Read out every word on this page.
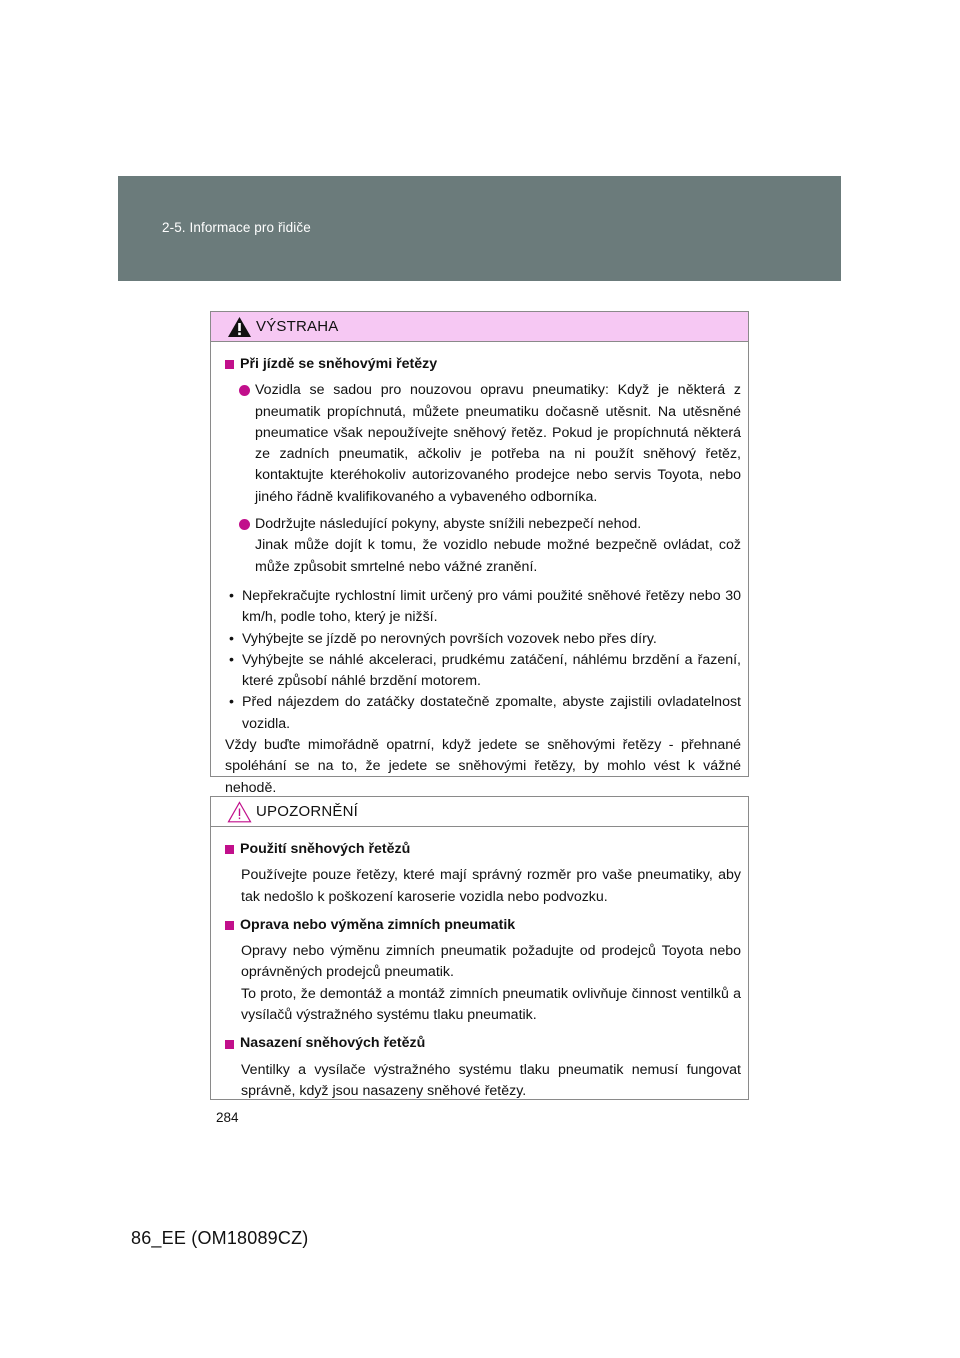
2-5. Informace pro řidiče
VÝSTRAHA
Při jízdě se sněhovými řetězy
Vozidla se sadou pro nouzovou opravu pneumatiky: Když je některá z pneumatik propíchnutá, můžete pneumatiku dočasně utěsnit. Na utěsněné pneumatice však nepoužívejte sněhový řetěz. Pokud je propíchnutá některá ze zadních pneumatik, ačkoliv je potřeba na ni použít sněhový řetěz, kontaktujte kteréhokoliv autorizovaného prodejce nebo servis Toyota, nebo jiného řádně kvalifikovaného a vybaveného odborníka.
Dodržujte následující pokyny, abyste snížili nebezpečí nehod.
Jinak může dojít k tomu, že vozidlo nebude možné bezpečně ovládat, což může způsobit smrtelné nebo vážné zranění.
• Nepřekračujte rychlostní limit určený pro vámi použité sněhové řetězy nebo 30 km/h, podle toho, který je nižší.
• Vyhýbejte se jízdě po nerovných površích vozovek nebo přes díry.
• Vyhýbejte se náhlé akceleraci, prudkému zatáčení, náhlému brzdění a řazení, které způsobí náhlé brzdění motorem.
• Před nájezdem do zatáčky dostatečně zpomalte, abyste zajistili ovladatelnost vozidla.
Vždy buďte mimořádně opatrní, když jedete se sněhovými řetězy - přehnané spoléhání se na to, že jedete se sněhovými řetězy, by mohlo vést k vážné nehodě.
UPOZORNĚNÍ
Použití sněhových řetězů
Používejte pouze řetězy, které mají správný rozměr pro vaše pneumatiky, aby tak nedošlo k poškození karoserie vozidla nebo podvozku.
Oprava nebo výměna zimních pneumatik
Opravy nebo výměnu zimních pneumatik požadujte od prodejců Toyota nebo oprávněných prodejců pneumatik.
To proto, že demontáž a montáž zimních pneumatik ovlivňuje činnost ventilků a vysílačů výstražného systému tlaku pneumatik.
Nasazení sněhových řetězů
Ventilky a vysílače výstražného systému tlaku pneumatik nemusí fungovat správně, když jsou nasazeny sněhové řetězy.
284
86_EE (OM18089CZ)
